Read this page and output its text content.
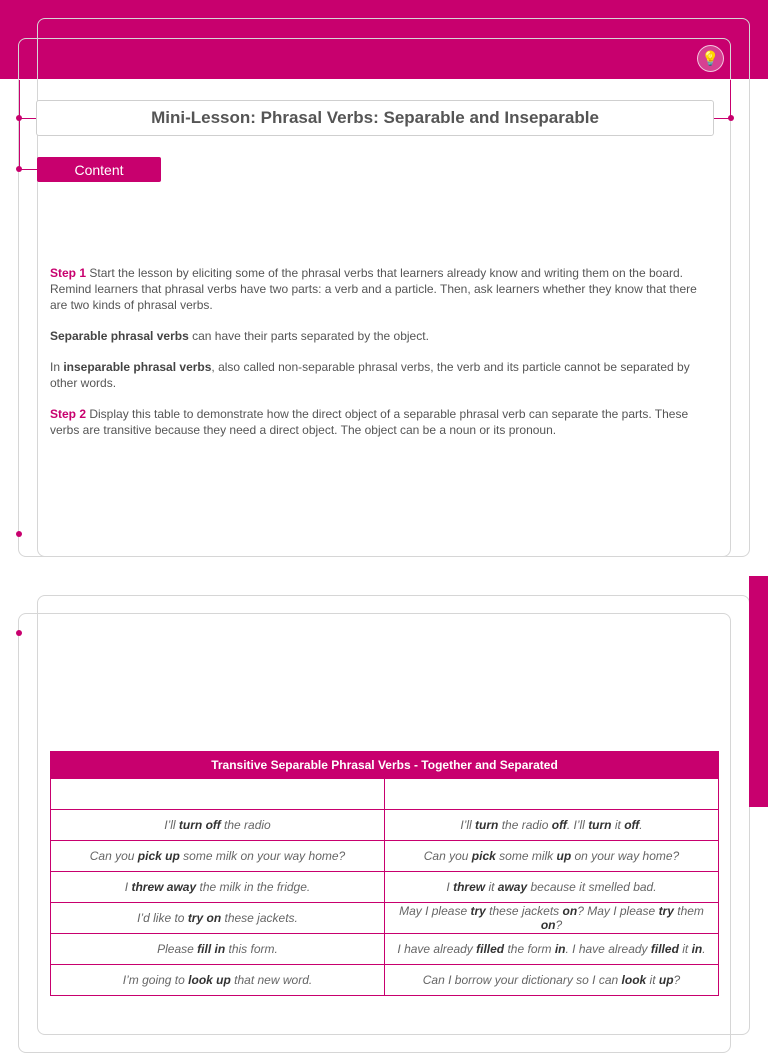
💡
Mini-Lesson: Phrasal Verbs: Separable and Inseparable
Content

Step 1 Start the lesson by eliciting some of the phrasal verbs that learners already know and writing them on the board. Remind learners that phrasal verbs have two parts: a verb and a particle. Then, ask learners whether they know that there are two kinds of phrasal verbs.

Separable phrasal verbs can have their parts separated by the object.

In inseparable phrasal verbs, also called non-separable phrasal verbs, the verb and its particle cannot be separated by other words.

Step 2 Display this table to demonstrate how the direct object of a separable phrasal verb can separate the parts. These verbs are transitive because they need a direct object. The object can be a noun or its pronoun.

Transitive Separable Phrasal Verbs - Together and Separated	

I’ll turn off the radio	I’ll turn the radio off. I’ll turn it off.
Can you pick up some milk on your way home?	Can you pick some milk up on your way home?
I threw away the milk in the fridge.	I threw it away because it smelled bad.
I’d like to try on these jackets.	May I please try these jackets on? May I please try them on?
Please fill in this form.	I have already filled the form in. I have already filled it in.
I’m going to look up that new word.	Can I borrow your dictionary so I can look it up?
